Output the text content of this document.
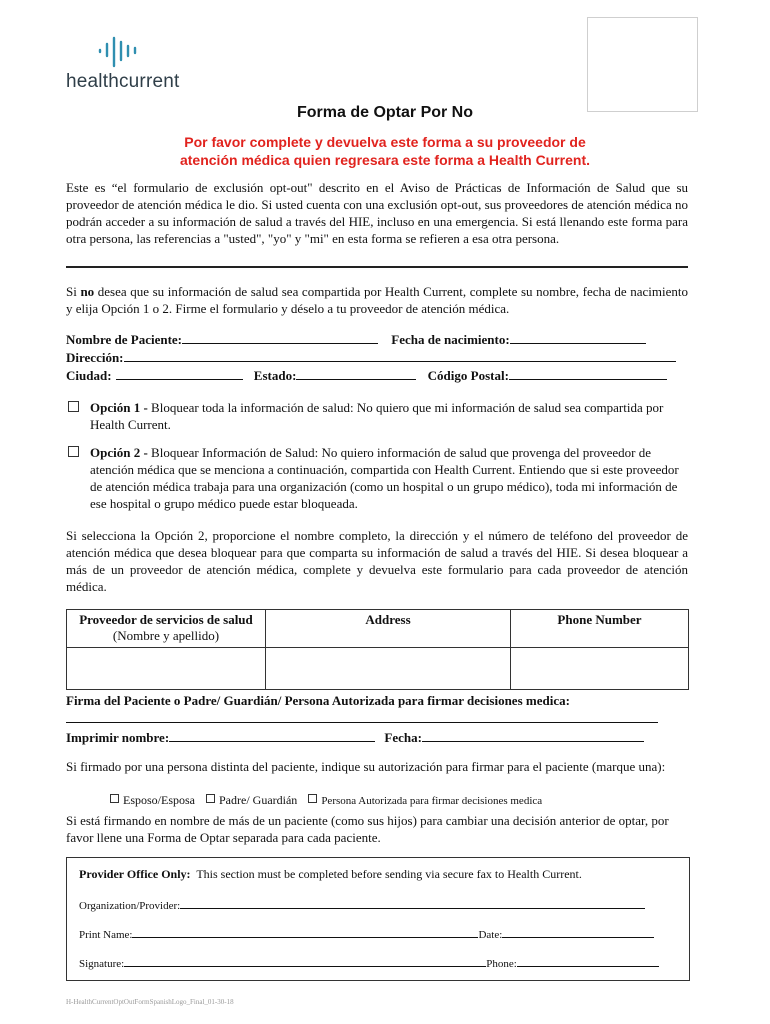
healthcurrent
Forma de Optar Por No
Por favor complete y devuelva este forma a su proveedor de
atención médica quien regresara este forma a Health Current.

Este es “el formulario de exclusión opt-out" descrito en el Aviso de Prácticas de Información de Salud que su proveedor de atención médica le dio. Si usted cuenta con una exclusión opt-out, sus proveedores de atención médica no podrán acceder a su información de salud a través del HIE, incluso en una emergencia. Si está llenando este forma para otra persona, las referencias a "usted", "yo" y "mi" en esta forma se refieren a esa otra persona.

Si no desea que su información de salud sea compartida por Health Current, complete su nombre, fecha de nacimiento y elija Opción 1 o 2. Firme el formulario y déselo a tu proveedor de atención médica.

Nombre de Paciente:	Fecha de nacimiento:
Dirección:
Ciudad:	Estado:	Código Postal:
Opción 1 - Bloquear toda la información de salud: No quiero que mi información de salud sea compartida por Health Current.
Opción 2 - Bloquear Información de Salud: No quiero información de salud que provenga del proveedor de atención médica que se menciona a continuación, compartida con Health Current. Entiendo que si este proveedor de atención médica trabaja para una organización (como un hospital o un grupo médico), toda mi información de ese hospital o grupo médico puede estar bloqueada.

Si selecciona la Opción 2, proporcione el nombre completo, la dirección y el número de teléfono del proveedor de atención médica que desea bloquear para que comparta su información de salud a través del HIE. Si desea bloquear a más de un proveedor de atención médica, complete y devuelva este formulario para cada proveedor de atención médica.

Proveedor de servicios de salud
(Nombre y apellido)	Address	Phone Number

Firma del Paciente o Padre/ Guardián/ Persona Autorizada para firmar decisiones medica:
Imprimir nombre:	Fecha:

Si firmado por una persona distinta del paciente, indique su autorización para firmar para el paciente (marque una):

Esposo/Esposa Padre/ Guardián Persona Autorizada para firmar decisiones medica

Si está firmando en nombre de más de un paciente (como sus hijos) para cambiar una decisión anterior de optar, por favor llene una Forma de Optar separada para cada paciente.

Provider Office Only:  This section must be completed before sending via secure fax to Health Current.
Organization/Provider:
Print Name:	Date:
Signature:	Phone:
H-HealthCurrentOptOutFormSpanishLogo_Final_01-30-18
